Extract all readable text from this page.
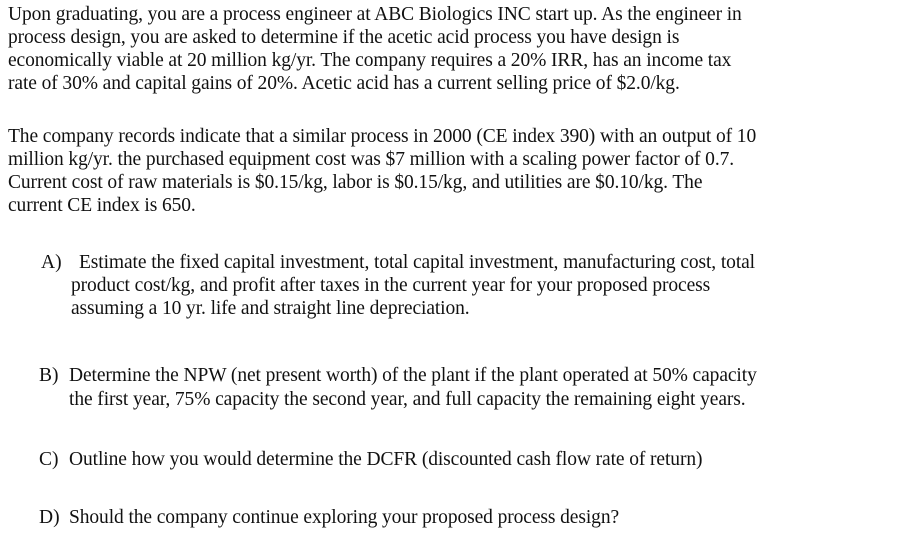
Upon graduating, you are a process engineer at ABC Biologics INC start up. As the engineer in
process design, you are asked to determine if the acetic acid process you have design is
economically viable at 20 million kg/yr. The company requires a 20% IRR, has an income tax
rate of 30% and capital gains of 20%. Acetic acid has a current selling price of $2.0/kg.
The company records indicate that a similar process in 2000 (CE index 390) with an output of 10
million kg/yr. the purchased equipment cost was $7 million with a scaling power factor of 0.7.
Current cost of raw materials is $0.15/kg, labor is $0.15/kg, and utilities are $0.10/kg. The
current CE index is 650.
A) Estimate the fixed capital investment, total capital investment, manufacturing cost, total
product cost/kg, and profit after taxes in the current year for your proposed process
assuming a 10 yr. life and straight line depreciation.
B) Determine the NPW (net present worth) of the plant if the plant operated at 50% capacity
the first year, 75% capacity the second year, and full capacity the remaining eight years.
C) Outline how you would determine the DCFR (discounted cash flow rate of return)
D) Should the company continue exploring your proposed process design?
